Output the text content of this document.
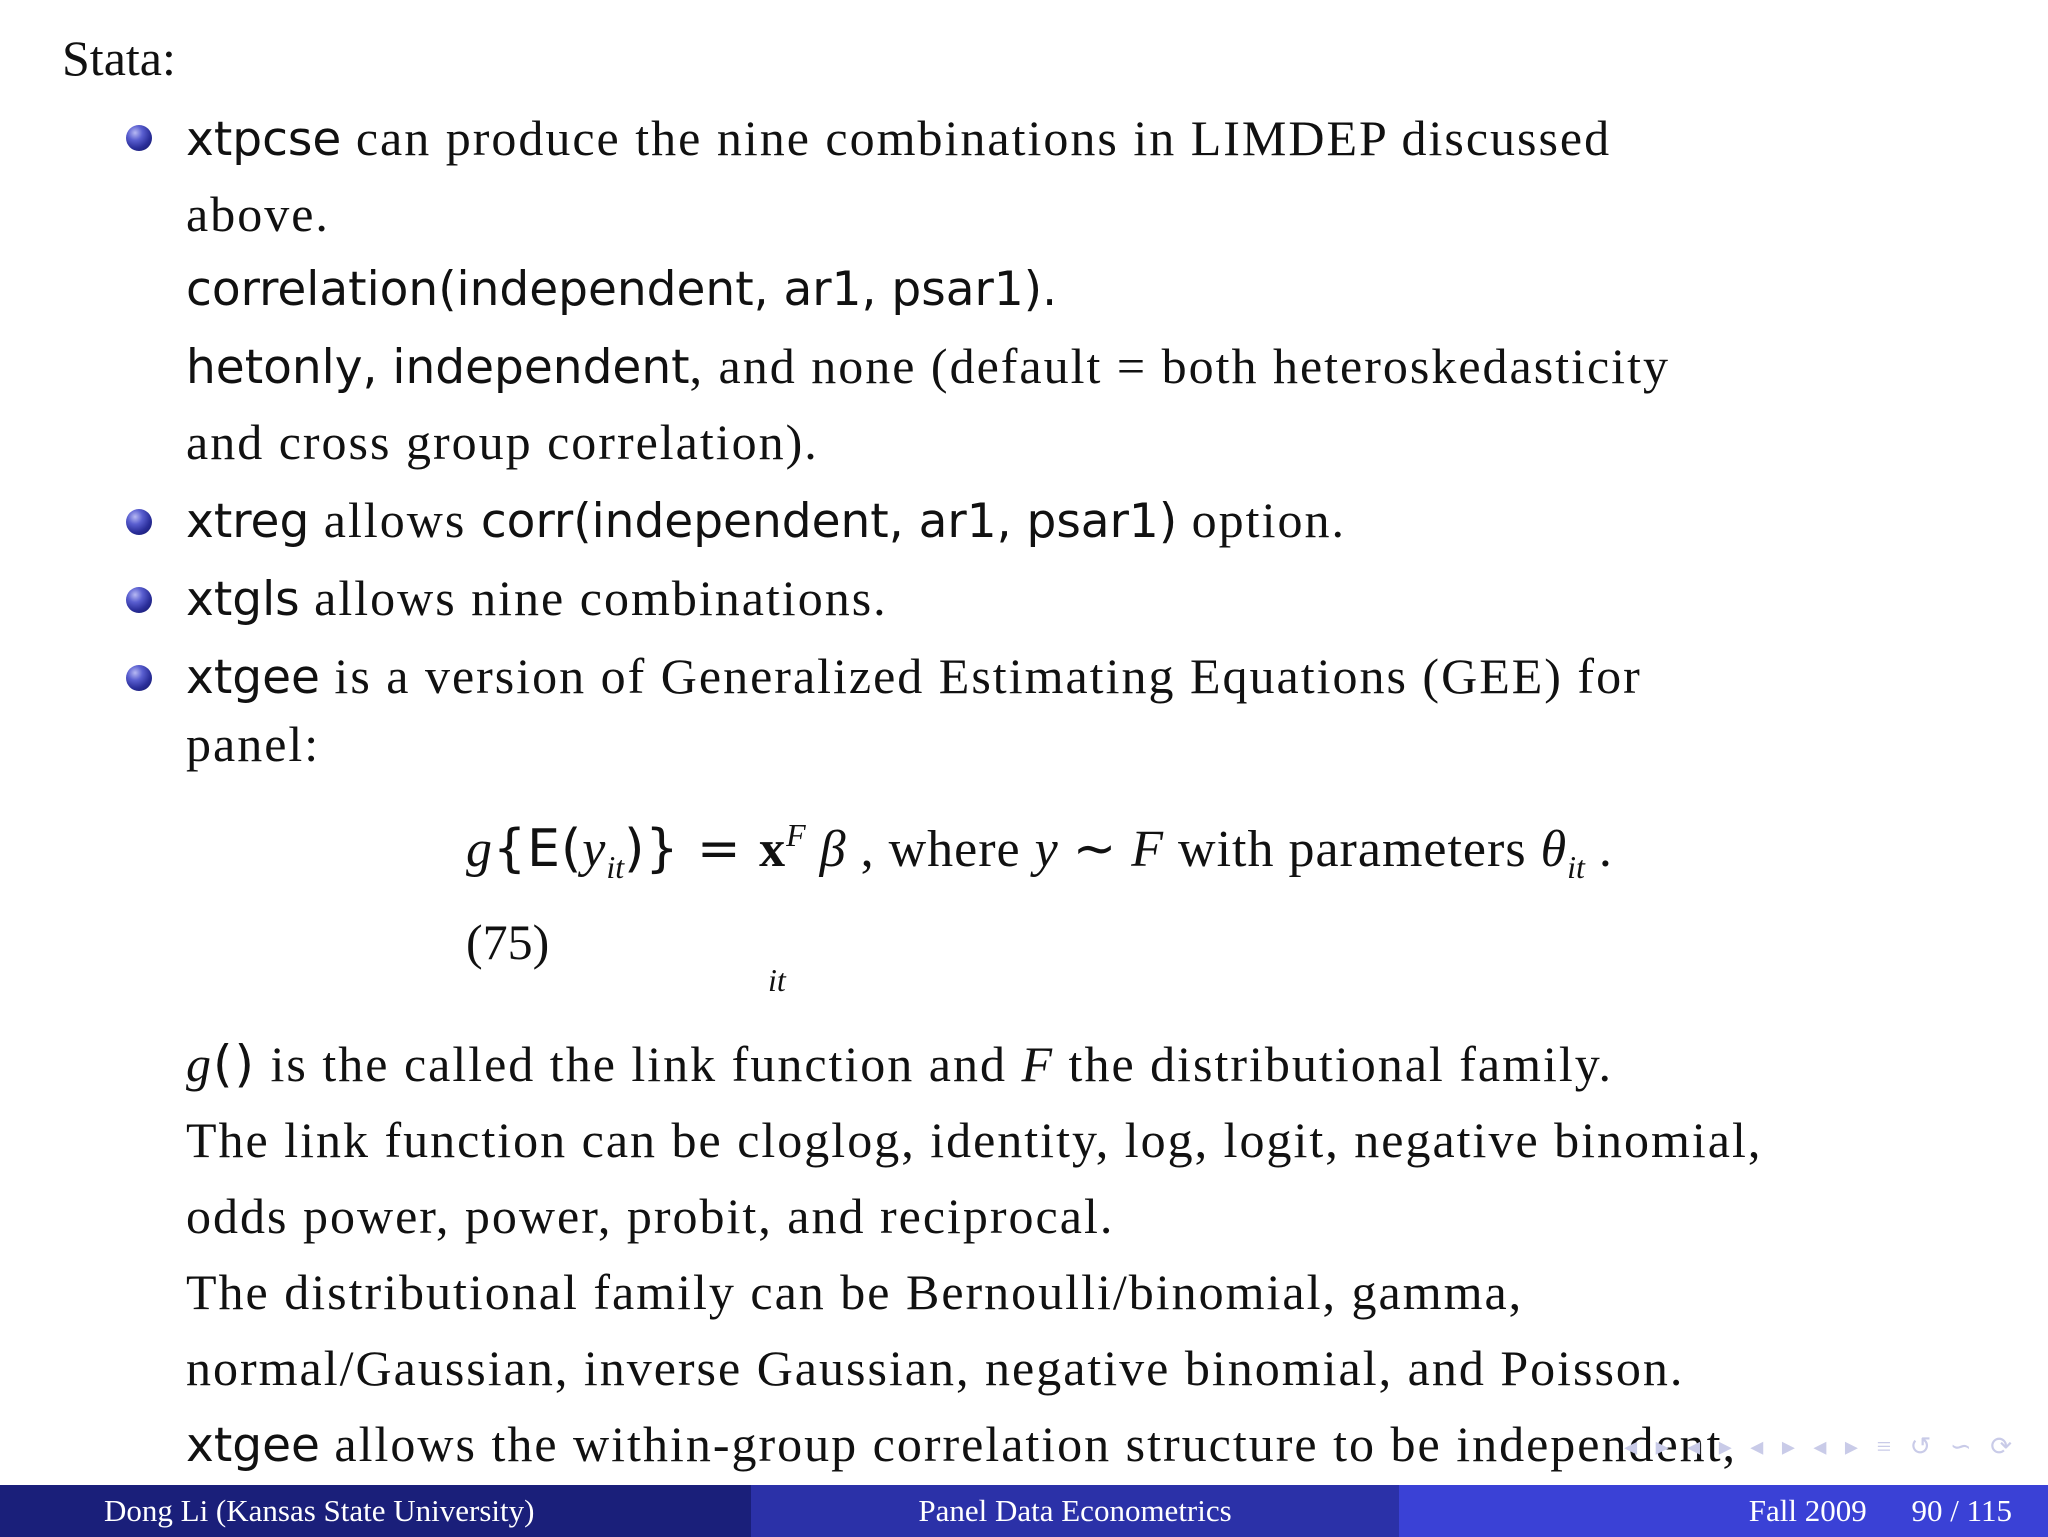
Stata:
xtpcse can produce the nine combinations in LIMDEP discussed
above.
correlation(independent, ar1, psar1).
hetonly, independent, and none (default = both heteroskedasticity
and cross group correlation).
xtreg allows corr(independent, ar1, psar1) option.
xtgls allows nine combinations.
xtgee is a version of Generalized Estimating Equations (GEE) for
panel:
$g\{E(y_{it})\} = x^F$ β , where y ∼ F with parameters $\theta_{it}$ .
(75)
it
g() is the called the link function and F the distributional family.
The link function can be cloglog, identity, log, logit, negative binomial,
odds power, power, probit, and reciprocal.
The distributional family can be Bernoulli/binomial, gamma,
normal/Gaussian, inverse Gaussian, negative binomial, and Poisson.
xtgee allows the within-group correlation structure to be independent,
◂ ▸ ◂ ▸ ◂ ▸ ◂ ▸ ≡ ↺ ∽ ⟳
Dong Li (Kansas State University)	Panel Data Econometrics	Fall 2009 90 / 115
